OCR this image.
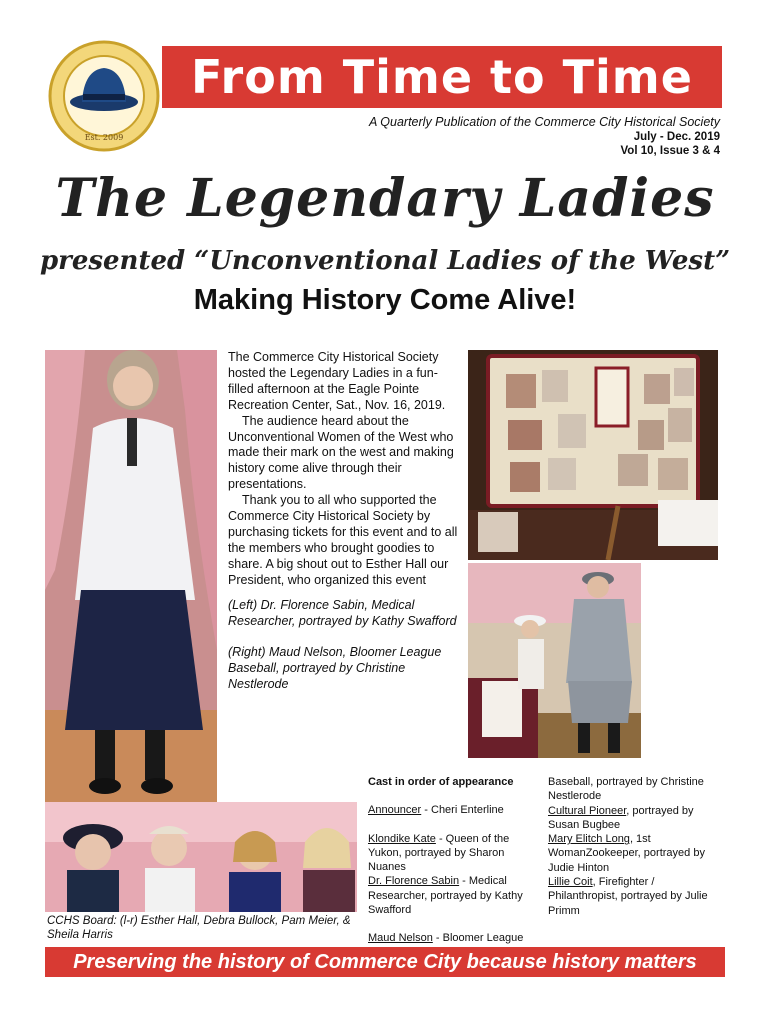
Est. 2009
From Time to Time
A Quarterly Publication of the Commerce City Historical Society
July - Dec. 2019
Vol 10, Issue 3 & 4
The Legendary Ladies
presented “Unconventional Ladies of the West”
Making History Come Alive!

The Commerce City Historical Society hosted the Legendary Ladies in a fun-filled afternoon at the Eagle Pointe Recreation Center, Sat., Nov. 16, 2019.

The audience heard about the Unconventional Women of the West who made their mark on the west and making history come alive through their presentations.

Thank you to all who supported the Commerce City Historical Society by purchasing tickets for this event and to all the members who brought goodies to share. A big shout out to Esther Hall our President, who organized this event

(Left) Dr. Florence Sabin, Medical Researcher, portrayed by Kathy Swafford

(Right) Maud Nelson, Bloomer League Baseball, portrayed by Christine Nestlerode

CCHS Board: (l-r) Esther Hall, Debra Bullock, Pam Meier, & Sheila Harris

Cast in order of appearance

Announcer - Cheri Enterline

Klondike Kate - Queen of the Yukon, portrayed by Sharon Nuanes

Dr. Florence Sabin - Medical Researcher, portrayed by Kathy Swafford

Maud Nelson - Bloomer League

Baseball, portrayed by Christine Nestlerode

Cultural Pioneer, portrayed by Susan Bugbee

Mary Elitch Long, 1st WomanZookeeper, portrayed by Judie Hinton

Lillie Coit, Firefighter / Philanthropist, portrayed by Julie Primm

Preserving the history of Commerce City because history matters
